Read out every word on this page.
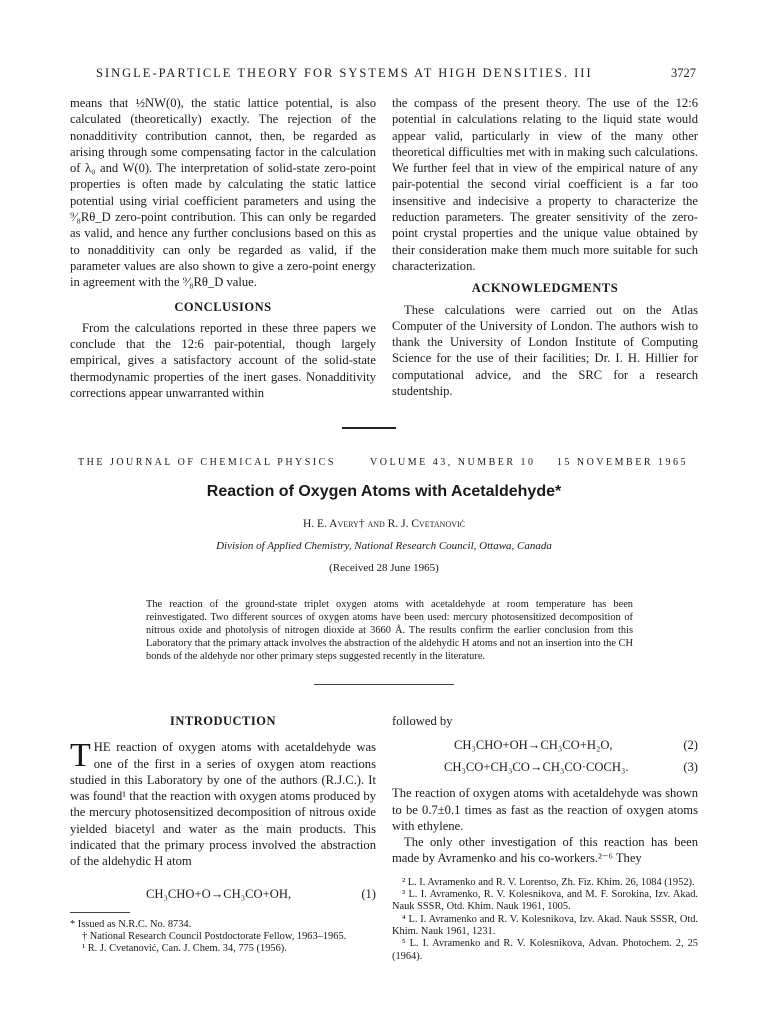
SINGLE-PARTICLE THEORY FOR SYSTEMS AT HIGH DENSITIES. III	3727

means that ½NW(0), the static lattice potential, is also calculated (theoretically) exactly. The rejection of the nonadditivity contribution cannot, then, be regarded as arising through some compensating factor in the calculation of λ₀ and W(0). The interpretation of solid-state zero-point properties is often made by calculating the static lattice potential using virial coefficient parameters and using the ⁹⁄₈Rθ_D zero-point contribution. This can only be regarded as valid, and hence any further conclusions based on this as to nonadditivity can only be regarded as valid, if the parameter values are also shown to give a zero-point energy in agreement with the ⁹⁄₈Rθ_D value.

CONCLUSIONS

From the calculations reported in these three papers we conclude that the 12:6 pair-potential, though largely empirical, gives a satisfactory account of the solid-state thermodynamic properties of the inert gases. Nonadditivity corrections appear unwarranted within

the compass of the present theory. The use of the 12:6 potential in calculations relating to the liquid state would appear valid, particularly in view of the many other theoretical difficulties met with in making such calculations. We further feel that in view of the empirical nature of any pair-potential the second virial coefficient is a far too insensitive and indecisive a property to characterize the reduction parameters. The greater sensitivity of the zero-point crystal properties and the unique value obtained by their consideration make them much more suitable for such characterization.

ACKNOWLEDGMENTS

These calculations were carried out on the Atlas Computer of the University of London. The authors wish to thank the University of London Institute of Computing Science for the use of their facilities; Dr. I. H. Hillier for computational advice, and the SRC for a research studentship.

THE JOURNAL OF CHEMICAL PHYSICS	VOLUME 43, NUMBER 10 15 NOVEMBER 1965
Reaction of Oxygen Atoms with Acetaldehyde*
H. E. Avery† and R. J. Cvetanović
Division of Applied Chemistry, National Research Council, Ottawa, Canada
(Received 28 June 1965)
The reaction of the ground-state triplet oxygen atoms with acetaldehyde at room temperature has been reinvestigated. Two different sources of oxygen atoms have been used: mercury photosensitized decomposition of nitrous oxide and photolysis of nitrogen dioxide at 3660 Å. The results confirm the earlier conclusion from this Laboratory that the primary attack involves the abstraction of the aldehydic H atoms and not an insertion into the CH bonds of the aldehyde nor other primary steps suggested recently in the literature.
INTRODUCTION
T HE reaction of oxygen atoms with acetaldehyde was one of the first in a series of oxygen atom reactions studied in this Laboratory by one of the authors (R.J.C.). It was found¹ that the reaction with oxygen atoms produced by the mercury photosensitized decomposition of nitrous oxide yielded biacetyl and water as the main products. This indicated that the primary process involved the abstraction of the aldehydic H atom
CH₃CHO+O→CH₃CO+OH,	(1)

* Issued as N.R.C. No. 8734.

† National Research Council Postdoctorate Fellow, 1963–1965.

¹ R. J. Cvetanović, Can. J. Chem. 34, 775 (1956).

followed by
CH₃CHO+OH→CH₃CO+H₂O,	(2)
CH₃CO+CH₃CO→CH₃CO·COCH₃.	(3)

The reaction of oxygen atoms with acetaldehyde was shown to be 0.7±0.1 times as fast as the reaction of oxygen atoms with ethylene.

The only other investigation of this reaction has been made by Avramenko and his co-workers.²⁻⁶ They

² L. I. Avramenko and R. V. Lorentso, Zh. Fiz. Khim. 26, 1084 (1952).

³ L. I. Avramenko, R. V. Kolesnikova, and M. F. Sorokina, Izv. Akad. Nauk SSSR, Otd. Khim. Nauk 1961, 1005.

⁴ L. I. Avramenko and R. V. Kolesnikova, Izv. Akad. Nauk SSSR, Otd. Khim. Nauk 1961, 1231.

⁵ L. I. Avramenko and R. V. Kolesnikova, Advan. Photochem. 2, 25 (1964).
